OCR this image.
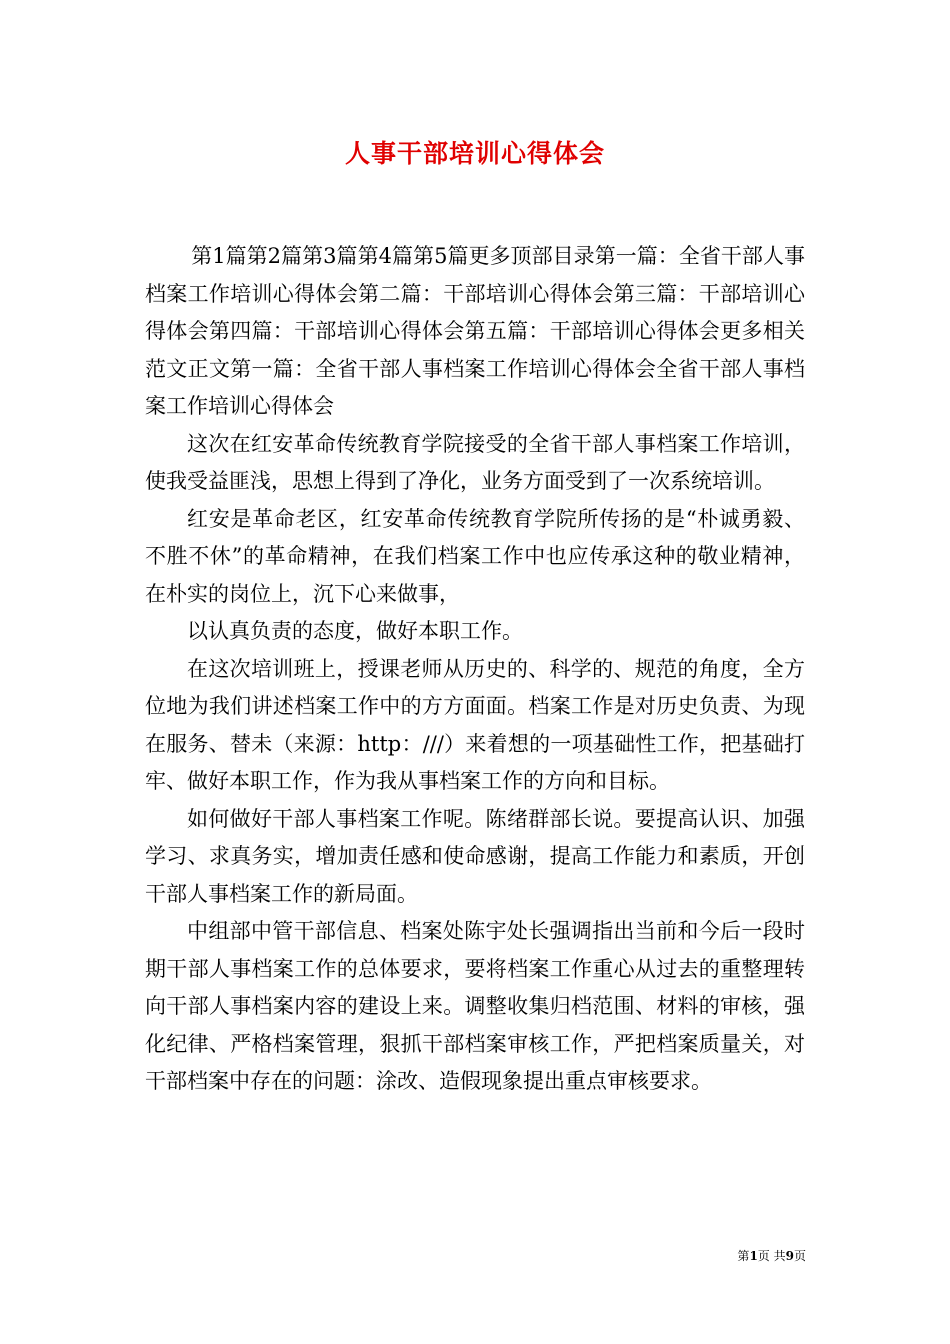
人事干部培训心得体会

第1篇第2篇第3篇第4篇第5篇更多顶部目录第一篇：全省干部人事档案工作培训心得体会第二篇：干部培训心得体会第三篇：干部培训心得体会第四篇：干部培训心得体会第五篇：干部培训心得体会更多相关范文正文第一篇：全省干部人事档案工作培训心得体会全省干部人事档案工作培训心得体会

这次在红安革命传统教育学院接受的全省干部人事档案工作培训，使我受益匪浅，思想上得到了净化，业务方面受到了一次系统培训。

红安是革命老区，红安革命传统教育学院所传扬的是“朴诚勇毅、不胜不休”的革命精神，在我们档案工作中也应传承这种的敬业精神，在朴实的岗位上，沉下心来做事，

以认真负责的态度，做好本职工作。

在这次培训班上，授课老师从历史的、科学的、规范的角度，全方位地为我们讲述档案工作中的方方面面。档案工作是对历史负责、为现在服务、替未（来源：http：///）来着想的一项基础性工作，把基础打牢、做好本职工作，作为我从事档案工作的方向和目标。

如何做好干部人事档案工作呢。陈绪群部长说。要提高认识、加强学习、求真务实，增加责任感和使命感谢，提高工作能力和素质，开创干部人事档案工作的新局面。

中组部中管干部信息、档案处陈宇处长强调指出当前和今后一段时期干部人事档案工作的总体要求，要将档案工作重心从过去的重整理转向干部人事档案内容的建设上来。调整收集归档范围、材料的审核，强化纪律、严格档案管理，狠抓干部档案审核工作，严把档案质量关，对干部档案中存在的问题：涂改、造假现象提出重点审核要求。

第1页 共9页
